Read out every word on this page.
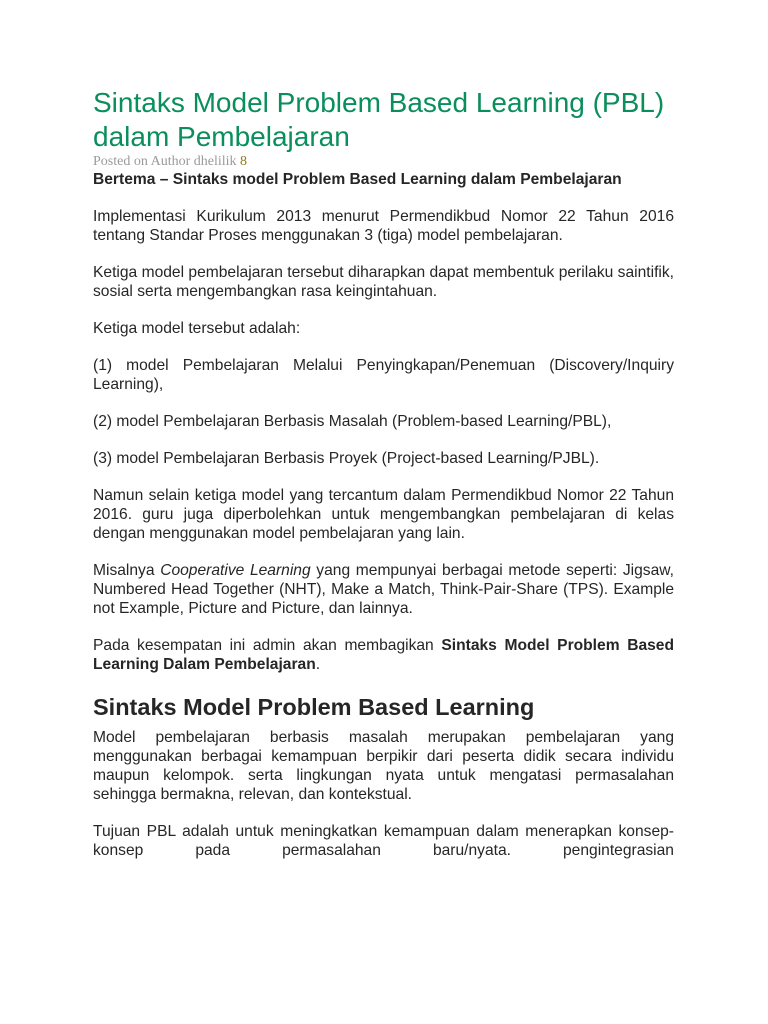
Sintaks Model Problem Based Learning (PBL) dalam Pembelajaran
Posted on Author dhelilik 8

Bertema – Sintaks model Problem Based Learning dalam Pembelajaran

Implementasi Kurikulum 2013 menurut Permendikbud Nomor 22 Tahun 2016 tentang Standar Proses menggunakan 3 (tiga) model pembelajaran.

Ketiga model pembelajaran tersebut diharapkan dapat membentuk perilaku saintifik, sosial serta mengembangkan rasa keingintahuan.

Ketiga model tersebut adalah:

(1) model Pembelajaran Melalui Penyingkapan/Penemuan (Discovery/Inquiry Learning),

(2) model Pembelajaran Berbasis Masalah (Problem-based Learning/PBL),

(3) model Pembelajaran Berbasis Proyek (Project-based Learning/PJBL).

Namun selain ketiga model yang tercantum dalam Permendikbud Nomor 22 Tahun 2016. guru juga diperbolehkan untuk mengembangkan pembelajaran di kelas dengan menggunakan model pembelajaran yang lain.

Misalnya Cooperative Learning yang mempunyai berbagai metode seperti: Jigsaw, Numbered Head Together (NHT), Make a Match, Think-Pair-Share (TPS). Example not Example, Picture and Picture, dan lainnya.

Pada kesempatan ini admin akan membagikan Sintaks Model Problem Based Learning Dalam Pembelajaran.

Sintaks Model Problem Based Learning

Model pembelajaran berbasis masalah merupakan pembelajaran yang menggunakan berbagai kemampuan berpikir dari peserta didik secara individu maupun kelompok. serta lingkungan nyata untuk mengatasi permasalahan sehingga bermakna, relevan, dan kontekstual.

Tujuan PBL adalah untuk meningkatkan kemampuan dalam menerapkan konsep-konsep pada permasalahan baru/nyata. pengintegrasian
